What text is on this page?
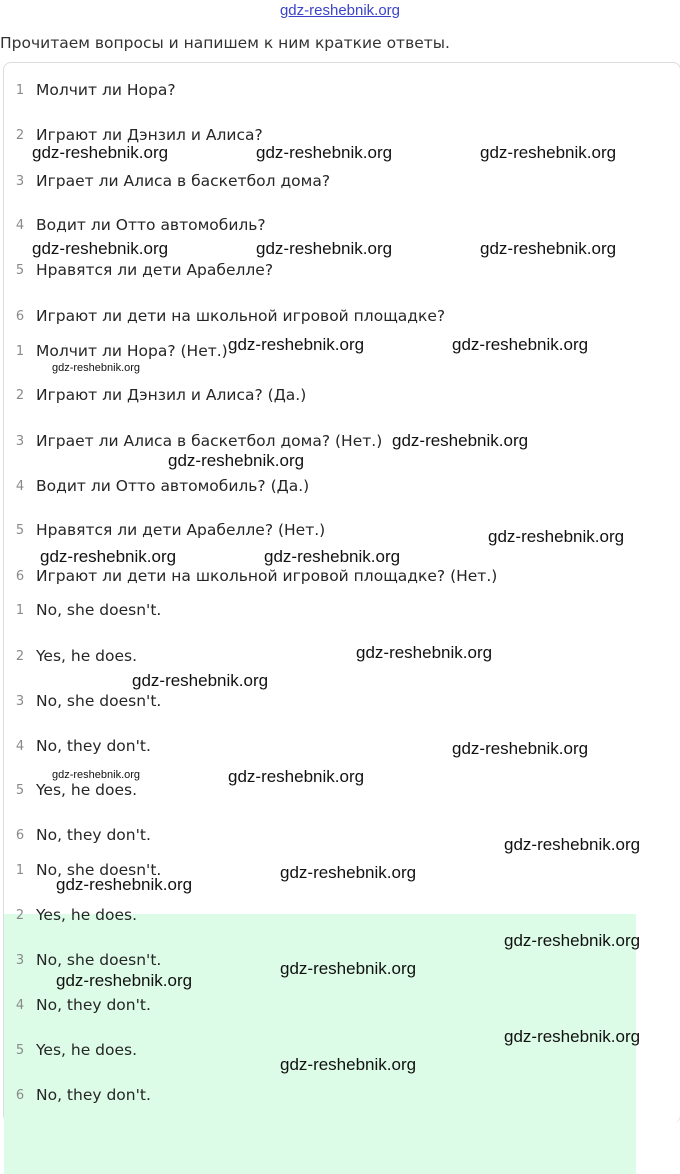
gdz-reshebnik.org
Прочитаем вопросы и напишем к ним краткие ответы.
1 Молчит ли Нора?
2 Играют ли Дэнзил и Алиса?
3 Играет ли Алиса в баскетбол дома?
4 Водит ли Отто автомобиль?
5 Нравятся ли дети Арабелле?
6 Играют ли дети на школьной игровой площадке?
1 Молчит ли Нора? (Нет.)
2 Играют ли Дэнзил и Алиса? (Да.)
3 Играет ли Алиса в баскетбол дома? (Нет.)
4 Водит ли Отто автомобиль? (Да.)
5 Нравятся ли дети Арабелле? (Нет.)
6 Играют ли дети на школьной игровой площадке? (Нет.)
1 No, she doesn't.
2 Yes, he does.
3 No, she doesn't.
4 No, they don't.
5 Yes, he does.
6 No, they don't.
1 No, she doesn't.
2 Yes, he does.
3 No, she doesn't.
4 No, they don't.
5 Yes, he does.
6 No, they don't.
gdz-reshebnik.org	gdz-reshebnik.org	gdz-reshebnik.org
gdz-reshebnik.org	gdz-reshebnik.org	gdz-reshebnik.org
gdz-reshebnik.org	gdz-reshebnik.org
gdz-reshebnik.org
gdz-reshebnik.org
gdz-reshebnik.org
gdz-reshebnik.org
gdz-reshebnik.org	gdz-reshebnik.org
gdz-reshebnik.org
gdz-reshebnik.org
gdz-reshebnik.org
gdz-reshebnik.org	gdz-reshebnik.org
gdz-reshebnik.org
gdz-reshebnik.org
gdz-reshebnik.org
gdz-reshebnik.org
gdz-reshebnik.org
gdz-reshebnik.org
gdz-reshebnik.org
gdz-reshebnik.org
